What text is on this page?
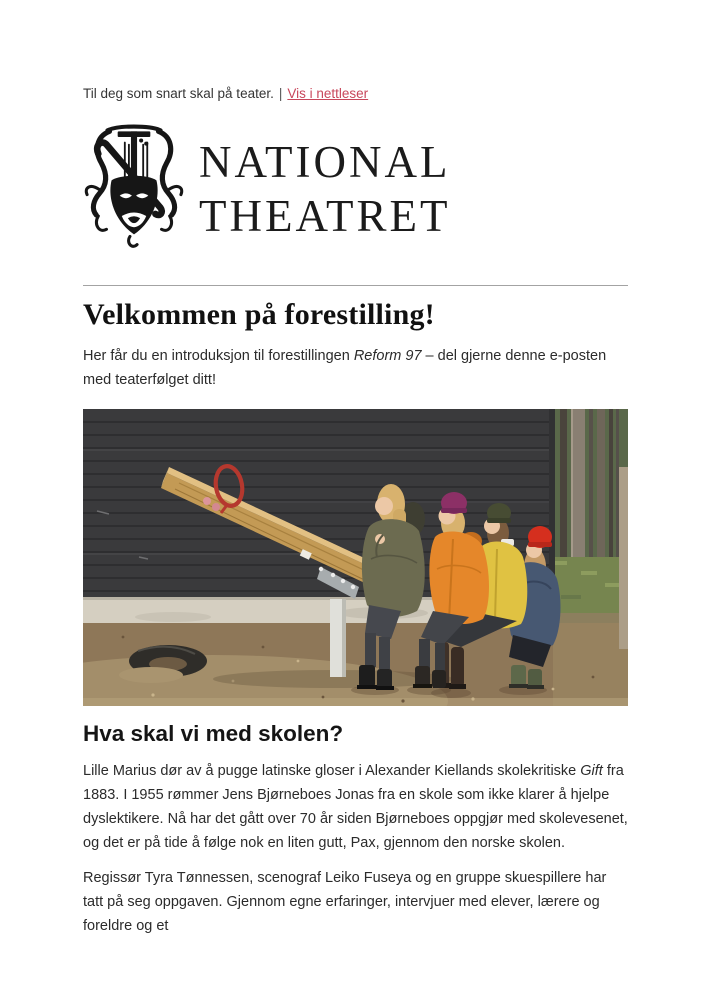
Til deg som snart skal på teater. | Vis i nettleser
NATIONAL
THEATRET
Velkommen på forestilling!

Her får du en introduksjon til forestillingen Reform 97 – del gjerne denne e-posten med teaterfølget ditt!

Hva skal vi med skolen?

Lille Marius dør av å pugge latinske gloser i Alexander Kiellands skolekritiske Gift fra 1883. I 1955 rømmer Jens Bjørneboes Jonas fra en skole som ikke klarer å hjelpe dyslektikere. Nå har det gått over 70 år siden Bjørneboes oppgjør med skolevesenet, og det er på tide å følge nok en liten gutt, Pax, gjennom den norske skolen.

Regissør Tyra Tønnessen, scenograf Leiko Fuseya og en gruppe skuespillere har tatt på seg oppgaven. Gjennom egne erfaringer, intervjuer med elever, lærere og foreldre og et
